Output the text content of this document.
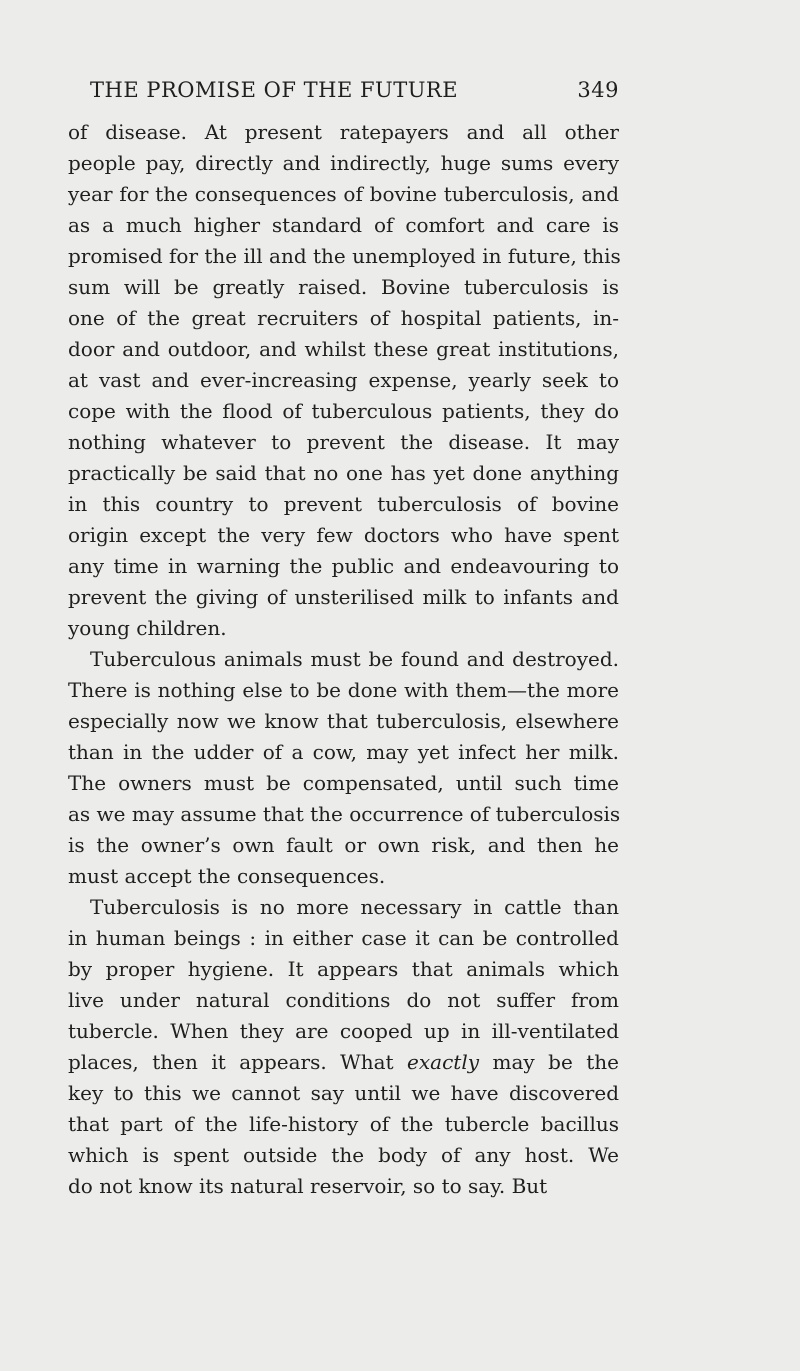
THE PROMISE OF THE FUTURE	349
of disease. At present ratepayers and all other
people pay, directly and indirectly, huge sums every
year for the consequences of bovine tuberculosis, and
as a much higher standard of comfort and care is
promised for the ill and the unemployed in future, this
sum will be greatly raised. Bovine tuberculosis is
one of the great recruiters of hospital patients, in-
door and outdoor, and whilst these great institutions,
at vast and ever-increasing expense, yearly seek to
cope with the flood of tuberculous patients, they do
nothing whatever to prevent the disease. It may
practically be said that no one has yet done anything
in this country to prevent tuberculosis of bovine
origin except the very few doctors who have spent
any time in warning the public and endeavouring to
prevent the giving of unsterilised milk to infants and
young children.
Tuberculous animals must be found and destroyed.
There is nothing else to be done with them—the more
especially now we know that tuberculosis, elsewhere
than in the udder of a cow, may yet infect her milk.
The owners must be compensated, until such time
as we may assume that the occurrence of tuberculosis
is the owner’s own fault or own risk, and then he
must accept the consequences.
Tuberculosis is no more necessary in cattle than
in human beings : in either case it can be controlled
by proper hygiene. It appears that animals which
live under natural conditions do not suffer from
tubercle. When they are cooped up in ill-ventilated
places, then it appears. What exactly may be the
key to this we cannot say until we have discovered
that part of the life-history of the tubercle bacillus
which is spent outside the body of any host. We
do not know its natural reservoir, so to say. But
